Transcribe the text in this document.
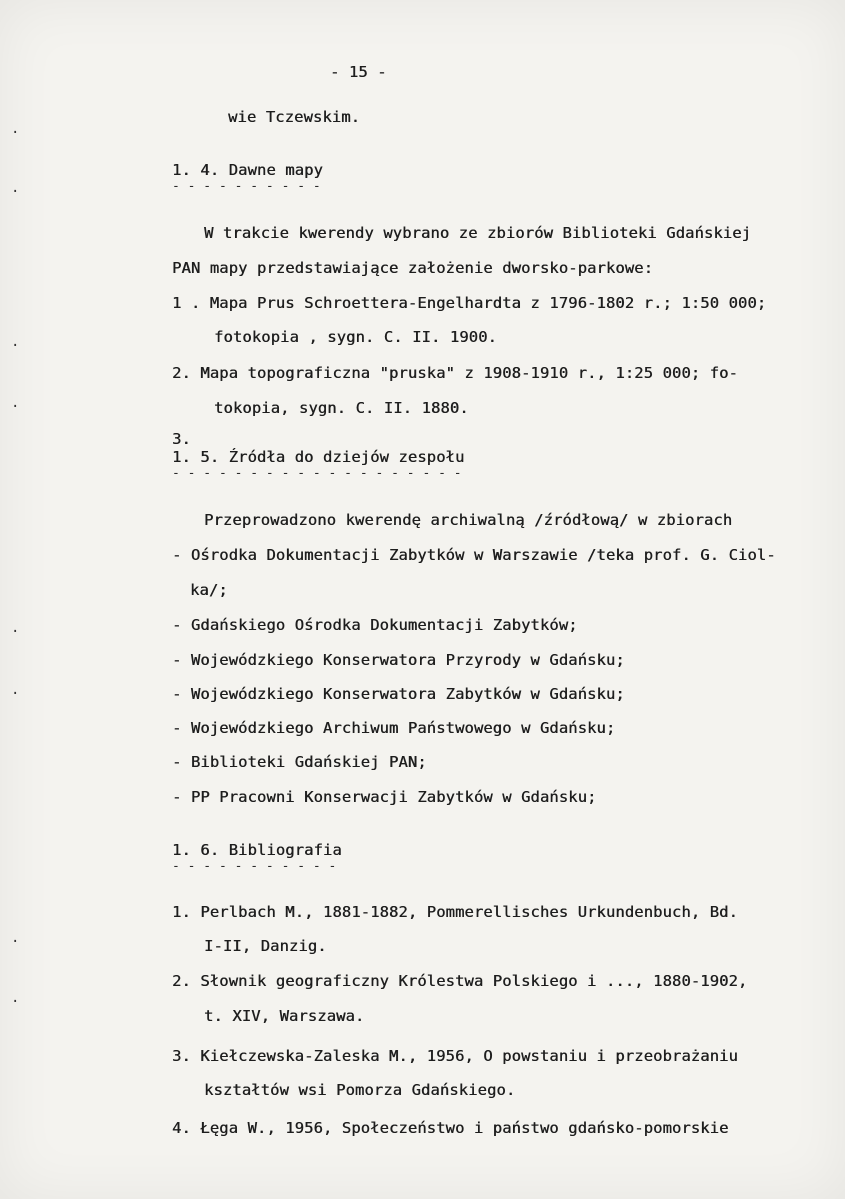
·
·
·
·
·
·
·
·
- 15 -
wie Tczewskim.
1. 4. Dawne mapy
- - - - - - - - - -
W trakcie kwerendy wybrano ze zbiorów Biblioteki Gdańskiej
PAN mapy przedstawiające założenie dworsko-parkowe:
1 . Mapa Prus Schroettera-Engelhardta z 1796-1802 r.; 1:50 000;
fotokopia , sygn. C. II. 1900.
2. Mapa topograficzna "pruska" z 1908-1910 r., 1:25 000; fo-
tokopia, sygn. C. II. 1880.
3.
1. 5. Źródła do dziejów zespołu
- - - - - - - - - - - - - - - - - - -
Przeprowadzono kwerendę archiwalną /źródłową/ w zbiorach
- Ośrodka Dokumentacji Zabytków w Warszawie /teka prof. G. Ciol-
ka/;
- Gdańskiego Ośrodka Dokumentacji Zabytków;
- Wojewódzkiego Konserwatora Przyrody w Gdańsku;
- Wojewódzkiego Konserwatora Zabytków w Gdańsku;
- Wojewódzkiego Archiwum Państwowego w Gdańsku;
- Biblioteki Gdańskiej PAN;
- PP Pracowni Konserwacji Zabytków w Gdańsku;
1. 6. Bibliografia
- - - - - - - - - - -
1. Perlbach M., 1881-1882, Pommerellisches Urkundenbuch, Bd.
I-II, Danzig.
2. Słownik geograficzny Królestwa Polskiego i ..., 1880-1902,
t. XIV, Warszawa.
3. Kiełczewska-Zaleska M., 1956, O powstaniu i przeobrażaniu
kształtów wsi Pomorza Gdańskiego.
4. Łęga W., 1956, Społeczeństwo i państwo gdańsko-pomorskie
